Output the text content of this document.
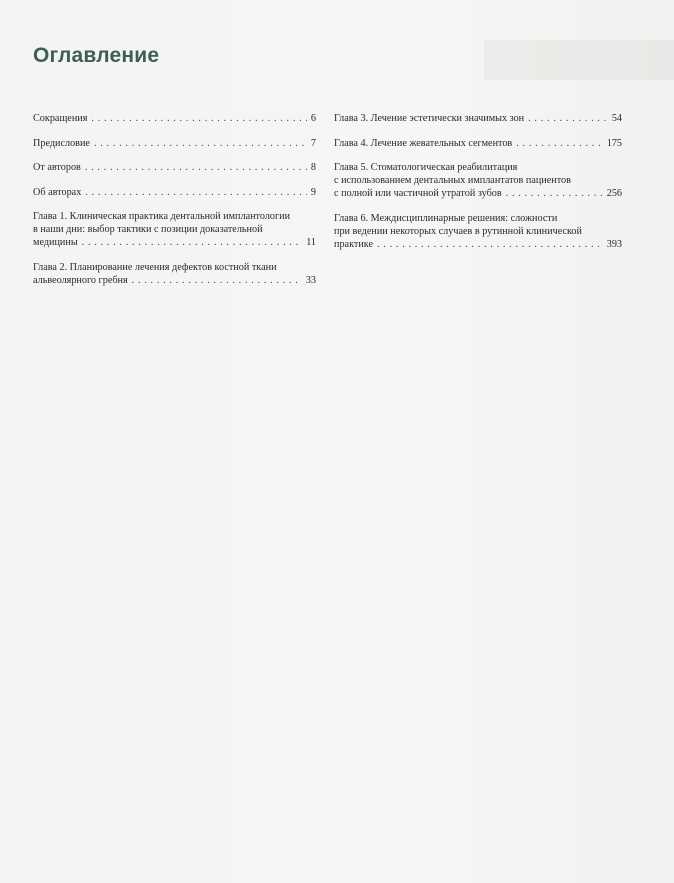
Оглавление
Сокращения . . .	6
Предисловие . . .	7
От авторов . . .	8
Об авторах . . .	9
Глава 1. Клиническая практика дентальной имплантологии
в наши дни: выбор тактики с позиции доказательной
медицины . . .	11
Глава 2. Планирование лечения дефектов костной ткани
альвеолярного гребня . . .	33
Глава 3. Лечение эстетически значимых зон . . .	54
Глава 4. Лечение жевательных сегментов . . .	175
Глава 5. Стоматологическая реабилитация
с использованием дентальных имплантатов пациентов
с полной или частичной утратой зубов . . .	256
Глава 6. Междисциплинарные решения: сложности
при ведении некоторых случаев в рутинной клинической
практике . . .	393
